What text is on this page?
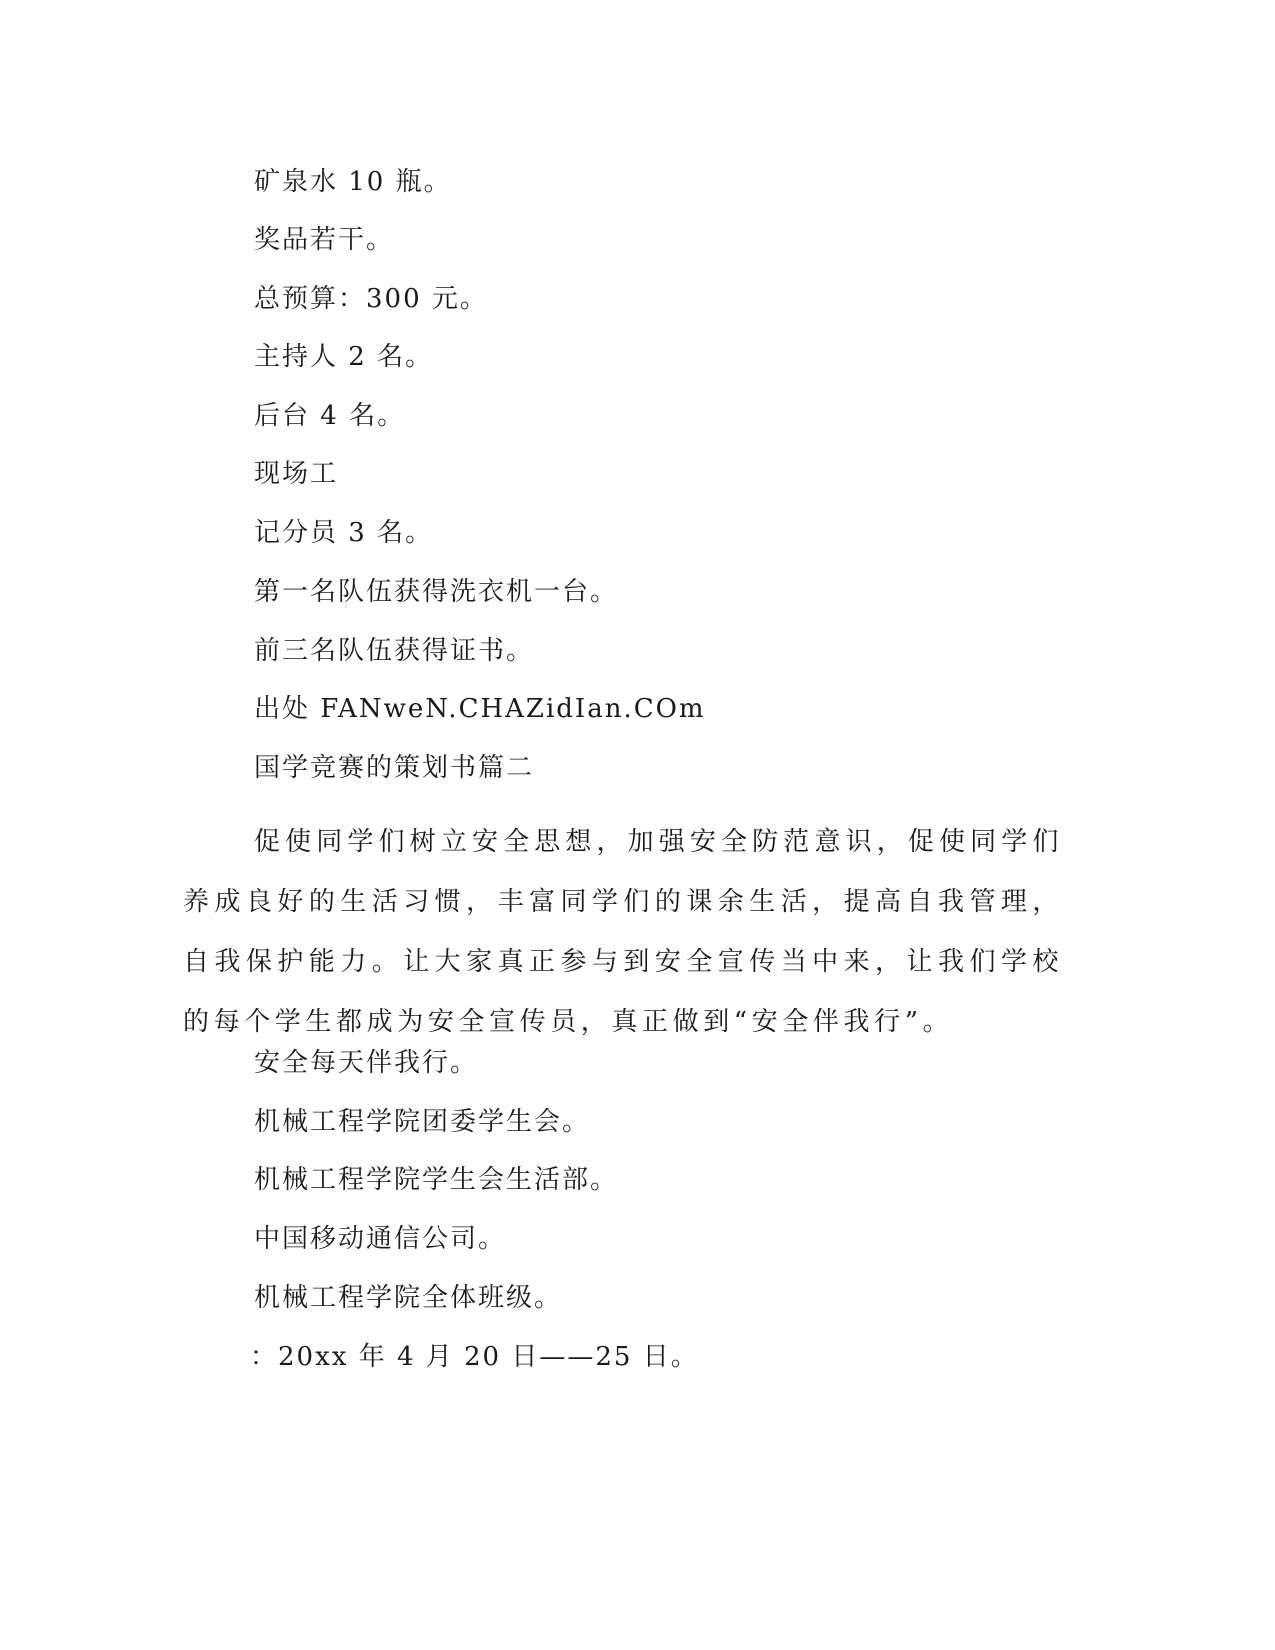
矿泉水 10 瓶。
奖品若干。
总预算：300 元。
主持人 2 名。
后台 4 名。
现场工
记分员 3 名。
第一名队伍获得洗衣机一台。
前三名队伍获得证书。
出处 FANweN.CHAZidIan.COm
国学竞赛的策划书篇二

促使同学们树立安全思想，加强安全防范意识，促使同学们养成良好的生活习惯，丰富同学们的课余生活，提高自我管理，自我保护能力。让大家真正参与到安全宣传当中来，让我们学校的每个学生都成为安全宣传员，真正做到“安全伴我行”。

安全每天伴我行。
机械工程学院团委学生会。
机械工程学院学生会生活部。
中国移动通信公司。
机械工程学院全体班级。
：20xx 年 4 月 20 日——25 日。
